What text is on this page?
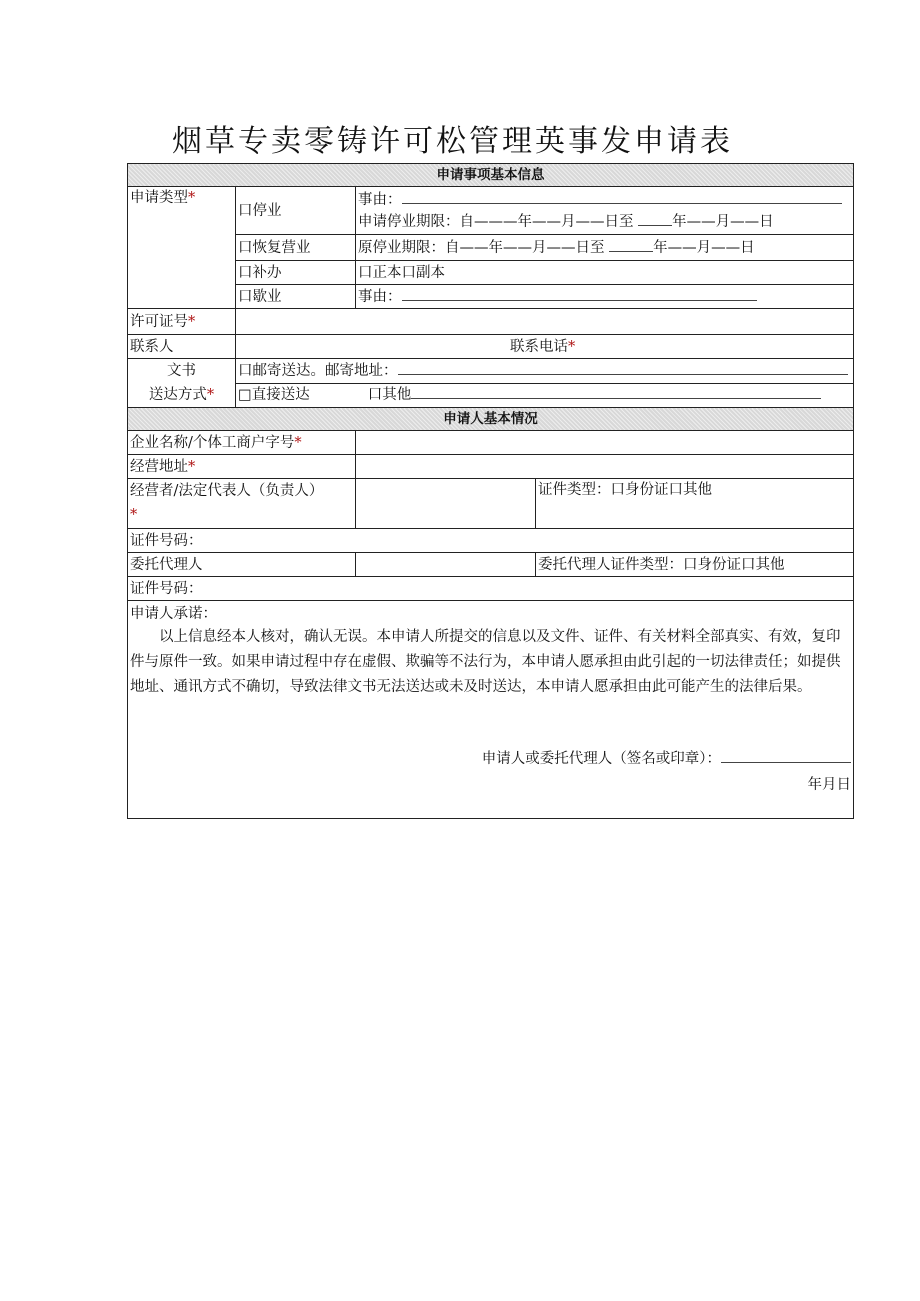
烟草专卖零铸许可松管理英事发申请表
申请事项基本信息			
申请类型*	口停业	事由：
申请停业期限：自———年——月——日至 年——月——日	

	口恢复营业	原停业期限：自——年——月——日至 年——月——日	
	口补办	口正本口副本	
	口歇业	事由：	
许可证号*			
联系人	联系电话*		

文书
送达方式*	口邮寄送达。邮寄地址：		
	□直接送达 口其他		
申请人基本情况			
企业名称/个体工商户字号*			
经营地址*			

经营者/法定代表人（负责人）
*			证件类型：口身份证口其他
证件号码：			
委托代理人			委托代理人证件类型：口身份证口其他
证件号码：			

申请人承诺：
以上信息经本人核对，确认无误。本申请人所提交的信息以及文件、证件、有关材料全部真实、有效，复印件与原件一致。如果申请过程中存在虚假、欺骗等不法行为，本申请人愿承担由此引起的一切法律责任；如提供地址、通讯方式不确切，导致法律文书无法送达或未及时送达，本申请人愿承担由此可能产生的法律后果。
申请人或委托代理人（签名或印章）：
年月日			
